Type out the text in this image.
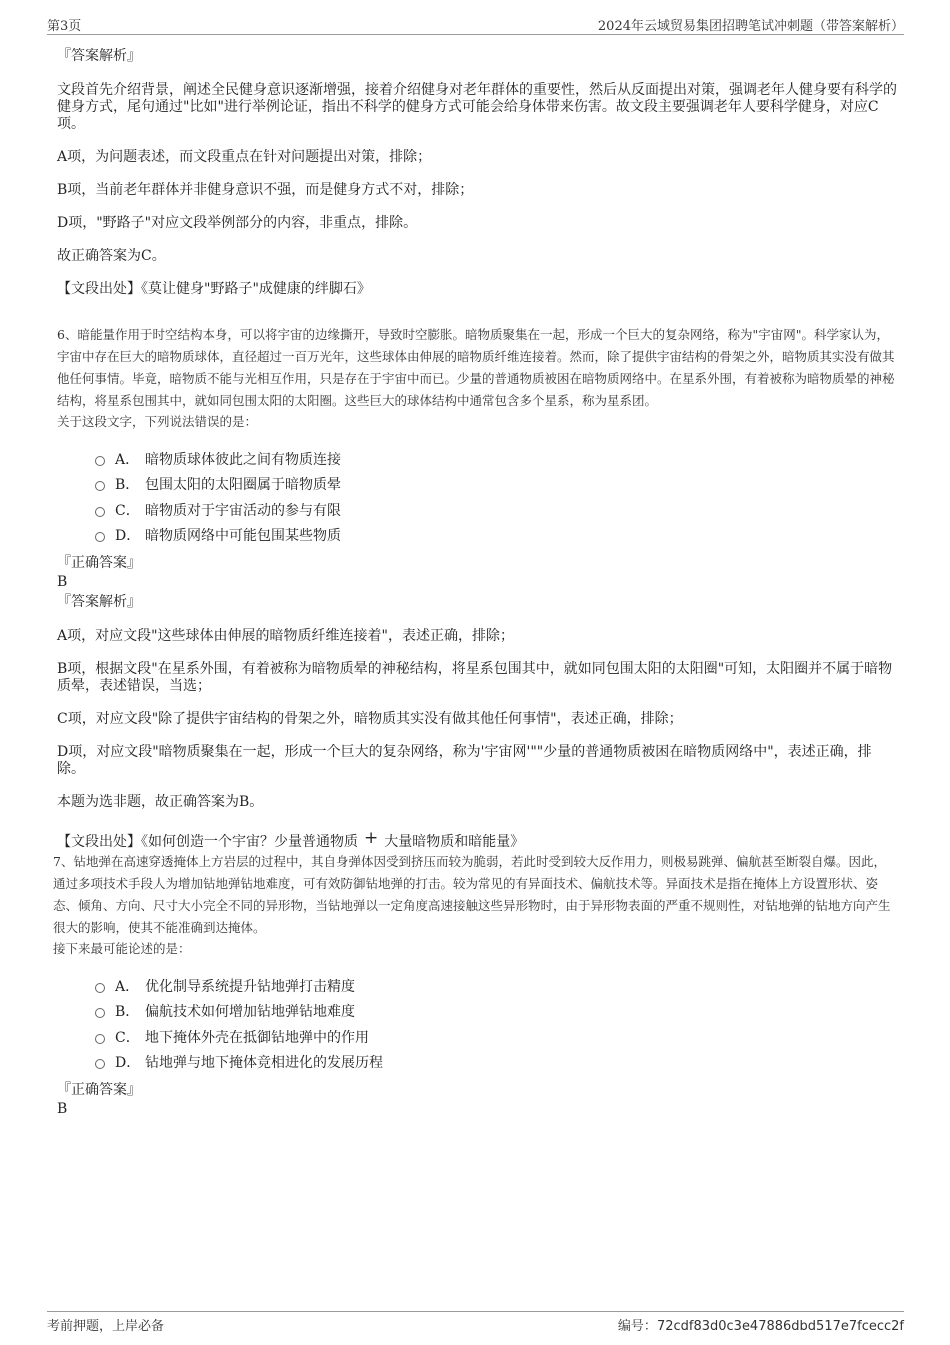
第3页	2024年云域贸易集团招聘笔试冲刺题（带答案解析）

『答案解析』

文段首先介绍背景，阐述全民健身意识逐渐增强，接着介绍健身对老年群体的重要性，然后从反面提出对策，强调老年人健身要有科学的健身方式，尾句通过"比如"进行举例论证，指出不科学的健身方式可能会给身体带来伤害。故文段主要强调老年人要科学健身，对应C项。

A项，为问题表述，而文段重点在针对问题提出对策，排除；

B项，当前老年群体并非健身意识不强，而是健身方式不对，排除；

D项，"野路子"对应文段举例部分的内容，非重点，排除。

故正确答案为C。

【文段出处】《莫让健身"野路子"成健康的绊脚石》

6、暗能量作用于时空结构本身，可以将宇宙的边缘撕开，导致时空膨胀。暗物质聚集在一起，形成一个巨大的复杂网络，称为"宇宙网"。科学家认为，宇宙中存在巨大的暗物质球体，直径超过一百万光年，这些球体由伸展的暗物质纤维连接着。然而，除了提供宇宙结构的骨架之外，暗物质其实没有做其他任何事情。毕竟，暗物质不能与光相互作用，只是存在于宇宙中而已。少量的普通物质被困在暗物质网络中。在星系外围，有着被称为暗物质晕的神秘结构，将星系包围其中，就如同包围太阳的太阳圈。这些巨大的球体结构中通常包含多个星系，称为星系团。

关于这段文字，下列说法错误的是：

A． 暗物质球体彼此之间有物质连接
B． 包围太阳的太阳圈属于暗物质晕
C． 暗物质对于宇宙活动的参与有限
D． 暗物质网络中可能包围某些物质

『正确答案』

B

『答案解析』

A项，对应文段"这些球体由伸展的暗物质纤维连接着"，表述正确，排除；

B项，根据文段"在星系外围，有着被称为暗物质晕的神秘结构，将星系包围其中，就如同包围太阳的太阳圈"可知，太阳圈并不属于暗物质晕，表述错误，当选；

C项，对应文段"除了提供宇宙结构的骨架之外，暗物质其实没有做其他任何事情"，表述正确，排除；

D项，对应文段"暗物质聚集在一起，形成一个巨大的复杂网络，称为'宇宙网'""少量的普通物质被困在暗物质网络中"，表述正确，排除。

本题为选非题，故正确答案为B。

【文段出处】《如何创造一个宇宙？少量普通物质 + 大量暗物质和暗能量》

7、钻地弹在高速穿透掩体上方岩层的过程中，其自身弹体因受到挤压而较为脆弱，若此时受到较大反作用力，则极易跳弹、偏航甚至断裂自爆。因此，通过多项技术手段人为增加钻地弹钻地难度，可有效防御钻地弹的打击。较为常见的有异面技术、偏航技术等。异面技术是指在掩体上方设置形状、姿态、倾角、方向、尺寸大小完全不同的异形物，当钻地弹以一定角度高速接触这些异形物时，由于异形物表面的严重不规则性，对钻地弹的钻地方向产生很大的影响，使其不能准确到达掩体。

接下来最可能论述的是：

A． 优化制导系统提升钻地弹打击精度
B． 偏航技术如何增加钻地弹钻地难度
C． 地下掩体外壳在抵御钻地弹中的作用
D． 钻地弹与地下掩体竞相进化的发展历程

『正确答案』

B

考前押题，上岸必备	编号：72cdf83d0c3e47886dbd517e7fcecc2f
